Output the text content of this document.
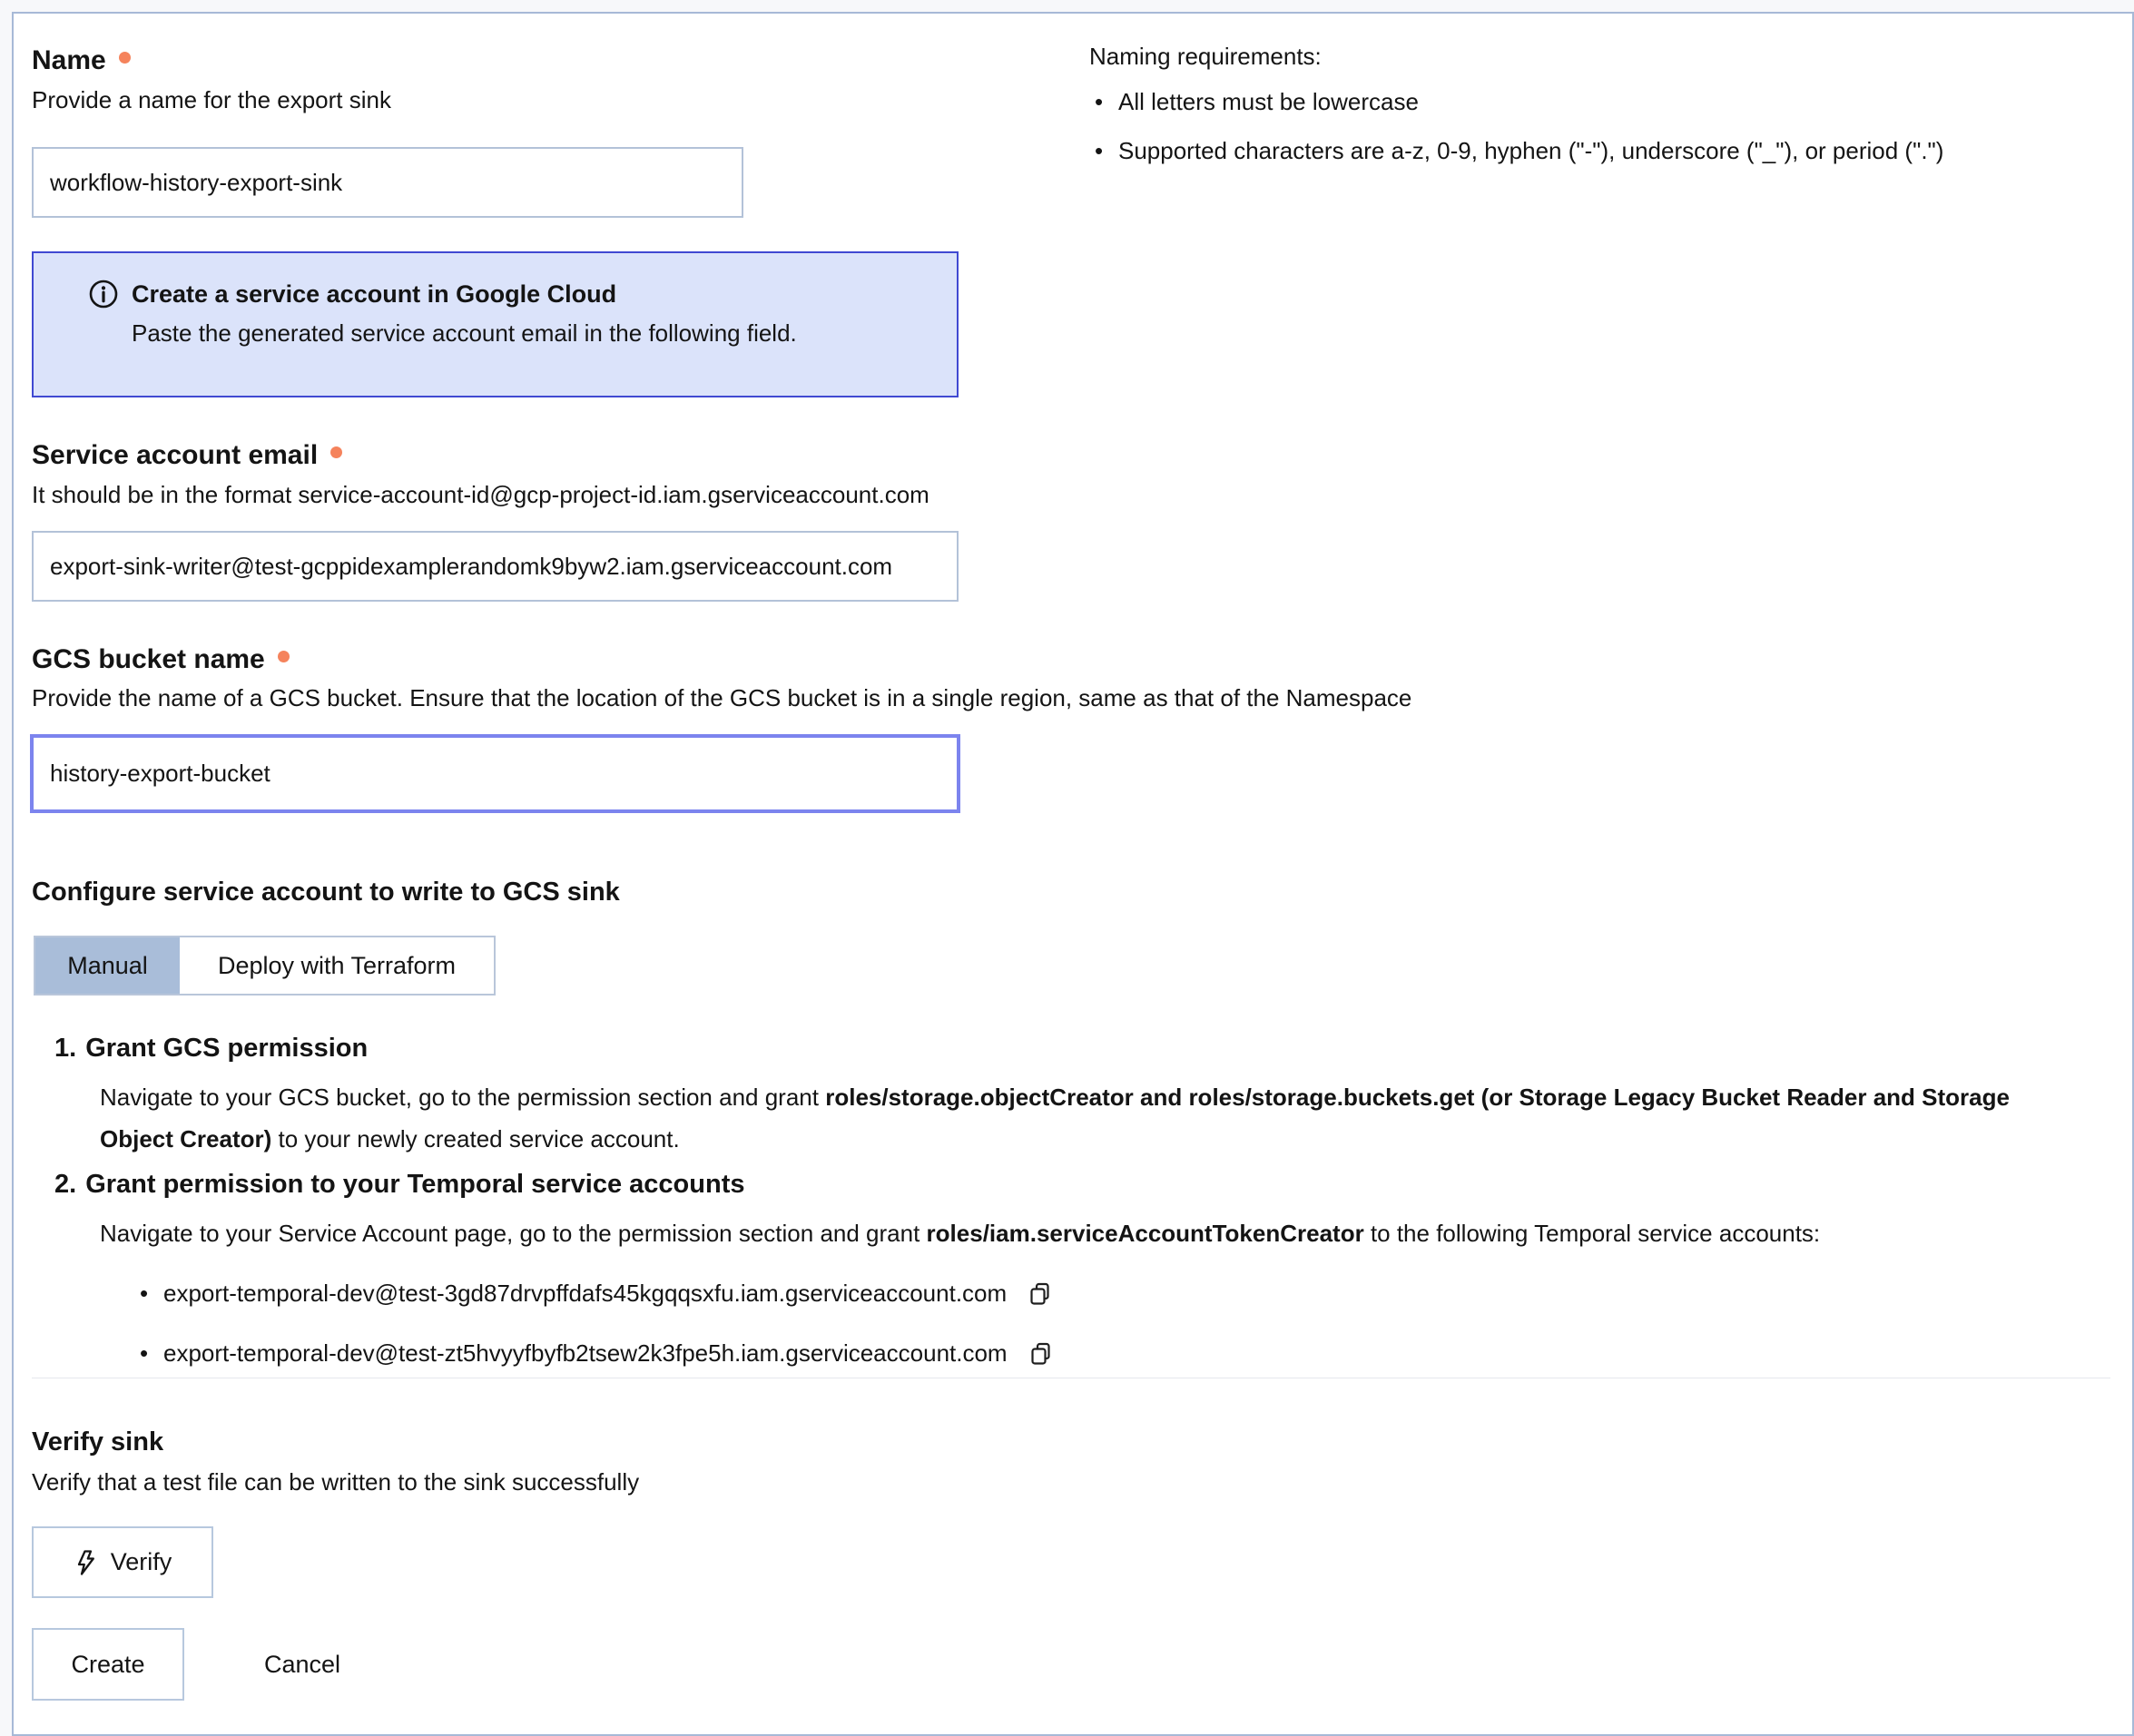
Name
Provide a name for the export sink
Naming requirements:
• All letters must be lowercase
• Supported characters are a-z, 0-9, hyphen ("-"), underscore ("_"), or period (".")
workflow-history-export-sink
Create a service account in Google Cloud
Paste the generated service account email in the following field.
Service account email
It should be in the format service-account-id@gcp-project-id.iam.gserviceaccount.com
export-sink-writer@test-gcppidexamplerandomk9byw2.iam.gserviceaccount.com
GCS bucket name
Provide the name of a GCS bucket. Ensure that the location of the GCS bucket is in a single region, same as that of the Namespace
history-export-bucket
Configure service account to write to GCS sink
Manual	Deploy with Terraform
1. Grant GCS permission
Navigate to your GCS bucket, go to the permission section and grant roles/storage.objectCreator and roles/storage.buckets.get (or Storage Legacy Bucket Reader and Storage Object Creator) to your newly created service account.
2. Grant permission to your Temporal service accounts
Navigate to your Service Account page, go to the permission section and grant roles/iam.serviceAccountTokenCreator to the following Temporal service accounts:
• export-temporal-dev@test-3gd87drvpffdafs45kgqqsxfu.iam.gserviceaccount.com
• export-temporal-dev@test-zt5hvyyfbyfb2tsew2k3fpe5h.iam.gserviceaccount.com
Verify sink
Verify that a test file can be written to the sink successfully
Verify
Create	Cancel
